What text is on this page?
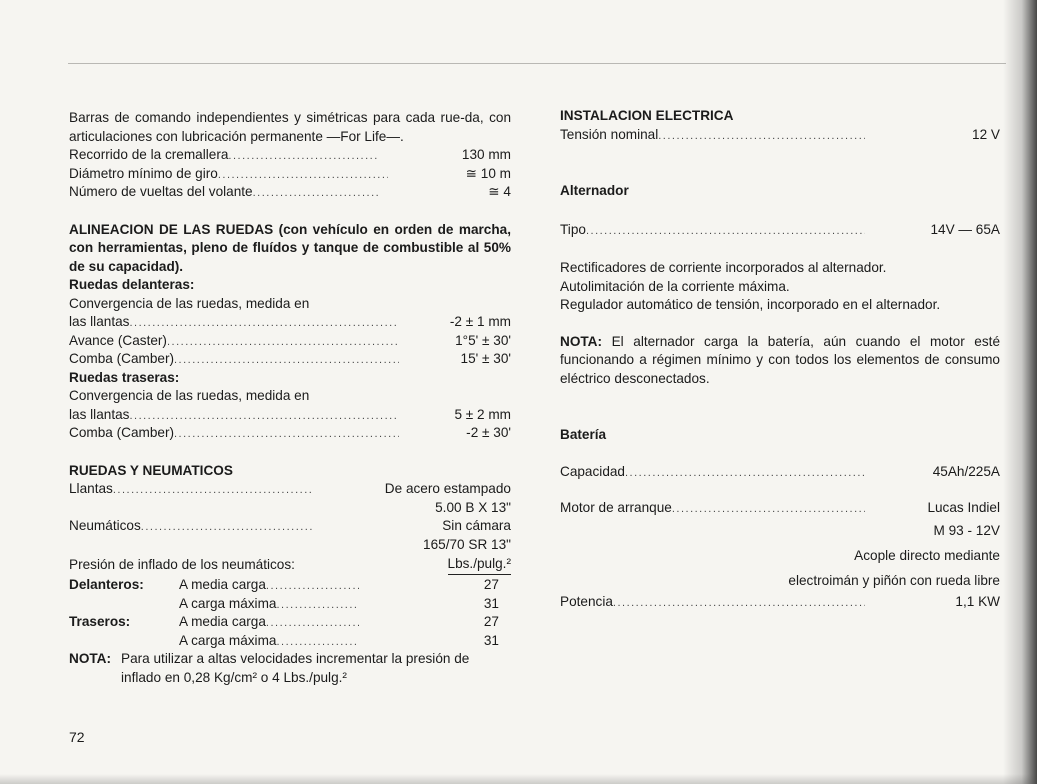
Barras de comando independientes y simétricas para cada rue-da, con articulaciones con lubricación permanente —For Life—.

Recorrido de la cremallera .....	130 mm
Diámetro mínimo de giro .....	≅ 10 m
Número de vueltas del volante .....	≅ 4

ALINEACION DE LAS RUEDAS (con vehículo en orden de marcha, con herramientas, pleno de fluídos y tanque de combustible al 50% de su capacidad).

Ruedas delanteras:
Convergencia de las ruedas, medida en
las llantas .....	-2 ± 1 mm
Avance (Caster) .....	1°5' ± 30'
Comba (Camber) .....	15' ± 30'
Ruedas traseras:
Convergencia de las ruedas, medida en
las llantas .....	5 ± 2 mm
Comba (Camber) .....	-2 ± 30'
RUEDAS Y NEUMATICOS
Llantas .....	De acero estampado
5.00 B X 13"
Neumáticos .....	Sin cámara
165/70 SR 13"
Presión de inflado de los neumáticos:	Lbs./pulg.²
Delanteros:	A media carga .....	27
A carga máxima .....	31
Traseros:	A media carga .....	27
A carga máxima .....	31
NOTA: Para utilizar a altas velocidades incrementar la presión de inflado en 0,28 Kg/cm² o 4 Lbs./pulg.²
INSTALACION ELECTRICA
Tensión nominal .....	12 V
Alternador
Tipo .....	14V — 65A
Rectificadores de corriente incorporados al alternador.
Autolimitación de la corriente máxima.
Regulador automático de tensión, incorporado en el alternador.

NOTA: El alternador carga la batería, aún cuando el motor esté funcionando a régimen mínimo y con todos los elementos de consumo eléctrico desconectados.

Batería
Capacidad .....	45Ah/225A
Motor de arranque .....	Lucas Indiel
M 93 - 12V
Acople directo mediante
electroimán y piñón con rueda libre
Potencia .....	1,1 KW
72
